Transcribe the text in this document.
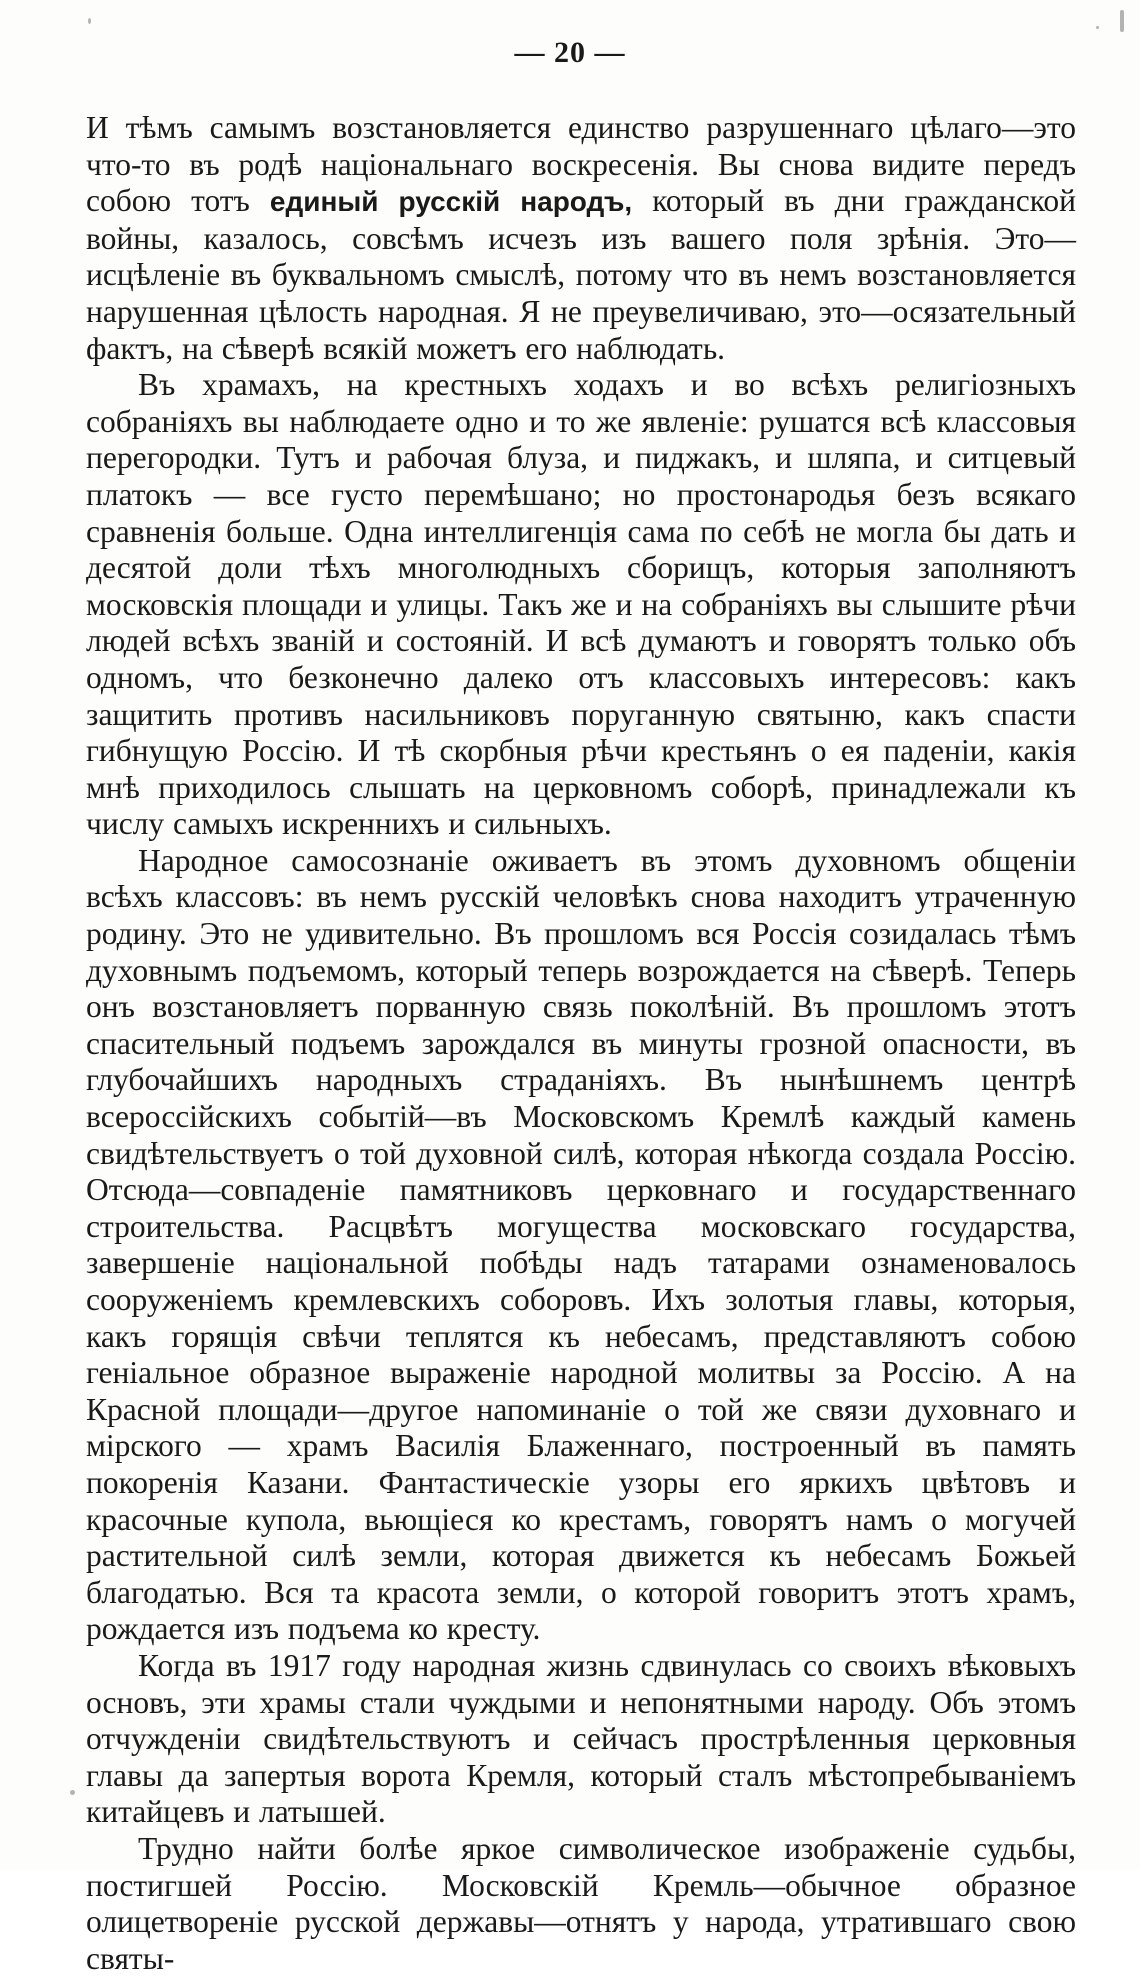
— 20 —

И тѣмъ самымъ возстановляется единство разрушеннаго цѣлаго—это что-то въ родѣ національнаго воскресенія. Вы снова видите передъ собою тотъ единый русскій народъ, который въ дни гражданской войны, казалось, совсѣмъ исчезъ изъ вашего поля зрѣнія. Это—исцѣленіе въ буквальномъ смыслѣ, потому что въ немъ возстановляется нарушенная цѣлость народная. Я не преувеличиваю, это—осязательный фактъ, на сѣверѣ всякій можетъ его наблюдать.

Въ храмахъ, на крестныхъ ходахъ и во всѣхъ религіозныхъ собраніяхъ вы наблюдаете одно и то же явленіе: рушатся всѣ классовыя перегородки. Тутъ и рабочая блуза, и пиджакъ, и шляпа, и ситцевый платокъ — все густо перемѣшано; но простонародья безъ всякаго сравненія больше. Одна интеллигенція сама по себѣ не могла бы дать и десятой доли тѣхъ многолюдныхъ сборищъ, которыя заполняютъ московскія площади и улицы. Такъ же и на собраніяхъ вы слышите рѣчи людей всѣхъ званій и состояній. И всѣ думаютъ и говорятъ только объ одномъ, что безконечно далеко отъ классовыхъ интересовъ: какъ защитить противъ насильниковъ поруганную святыню, какъ спасти гибнущую Россію. И тѣ скорбныя рѣчи крестьянъ о ея паденіи, какія мнѣ приходилось слышать на церковномъ соборѣ, принадлежали къ числу самыхъ искреннихъ и сильныхъ.

Народное самосознаніе оживаетъ въ этомъ духовномъ общеніи всѣхъ классовъ: въ немъ русскій человѣкъ снова находитъ утраченную родину. Это не удивительно. Въ прошломъ вся Россія созидалась тѣмъ духовнымъ подъемомъ, который теперь возрождается на сѣверѣ. Теперь онъ возстановляетъ порванную связь поколѣній. Въ прошломъ этотъ спасительный подъемъ зарождался въ минуты грозной опасности, въ глубочайшихъ народныхъ страданіяхъ. Въ нынѣшнемъ центрѣ всероссійскихъ событій—въ Московскомъ Кремлѣ каждый камень свидѣтельствуетъ о той духовной силѣ, которая нѣкогда создала Россію. Отсюда—совпаденіе памятниковъ церковнаго и государственнаго строительства. Расцвѣтъ могущества московскаго государства, завершеніе національной побѣды надъ татарами ознаменовалось сооруженіемъ кремлевскихъ соборовъ. Ихъ золотыя главы, которыя, какъ горящія свѣчи теплятся къ небесамъ, представляютъ собою геніальное образное выраженіе народной молитвы за Россію. А на Красной площади—другое напоминаніе о той же связи духовнаго и мірского — храмъ Василія Блаженнаго, построенный въ память покоренія Казани. Фантастическіе узоры его яркихъ цвѣтовъ и красочные купола, вьющіеся ко крестамъ, говорятъ намъ о могучей растительной силѣ земли, которая движется къ небесамъ Божьей благодатью. Вся та красота земли, о которой говоритъ этотъ храмъ, рождается изъ подъема ко кресту.

Когда въ 1917 году народная жизнь сдвинулась со своихъ вѣковыхъ основъ, эти храмы стали чуждыми и непонятными народу. Объ этомъ отчужденіи свидѣтельствуютъ и сейчасъ прострѣленныя церковныя главы да запертыя ворота Кремля, который сталъ мѣстопребываніемъ китайцевъ и латышей.

Трудно найти болѣе яркое символическое изображеніе судьбы, постигшей Россію. Московскій Кремль—обычное образное олицетвореніе русской державы—отнятъ у народа, утратившаго свою святы-
